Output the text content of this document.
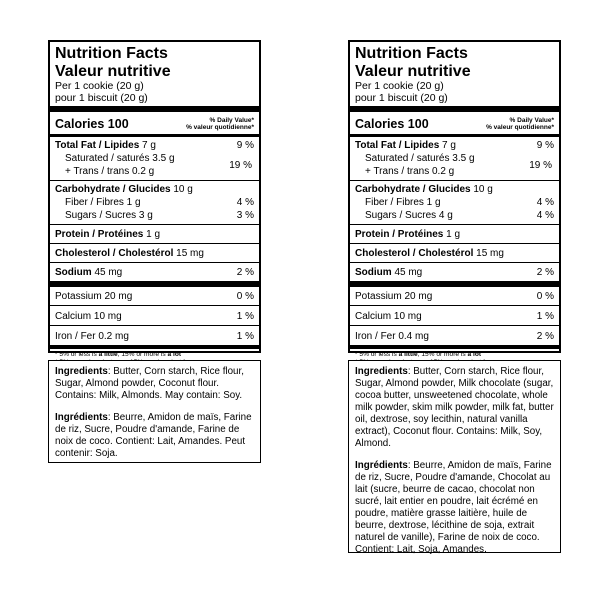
Nutrition Facts
Valeur nutritive
Per 1 cookie (20 g)
pour 1 biscuit (20 g)
Calories 100	% Daily Value*
% valeur quotidienne*
Total Fat / Lipides 7 g	9 %
Saturated / saturés 3.5 g
+ Trans / trans 0.2 g
19 %
Carbohydrate / Glucides 10 g
Fiber / Fibres 1 g	4 %
Sugars / Sucres 3 g	3 %
Protein / Protéines 1 g
Cholesterol / Cholestérol 15 mg
Sodium 45 mg	2 %
Potassium 20 mg	0 %
Calcium 10 mg	1 %
Iron / Fer 0.2 mg	1 %
* 5% or less is a little, 15% or more is a lot
Nutrition Facts
Valeur nutritive
Per 1 cookie (20 g)
pour 1 biscuit (20 g)
Calories 100	% Daily Value*
% valeur quotidienne*
Total Fat / Lipides 7 g	9 %
Saturated / saturés 3.5 g
+ Trans / trans 0.2 g
19 %
Carbohydrate / Glucides 10 g
Fiber / Fibres 1 g	4 %
Sugars / Sucres 4 g	4 %
Protein / Protéines 1 g
Cholesterol / Cholestérol 15 mg
Sodium 45 mg	2 %
Potassium 20 mg	0 %
Calcium 10 mg	1 %
Iron / Fer 0.4 mg	2 %
* 5% or less is a little, 15% or more is a lot

Ingredients: Butter, Corn starch, Rice flour, Sugar, Almond powder, Coconut flour. Contains: Milk, Almonds. May contain: Soy.

Ingrédients: Beurre, Amidon de maïs, Farine de riz, Sucre, Poudre d'amande, Farine de noix de coco. Contient: Lait, Amandes. Peut contenir: Soja.

Ingredients: Butter, Corn starch, Rice flour, Sugar, Almond powder, Milk chocolate (sugar, cocoa butter, unsweetened chocolate, whole milk powder, skim milk powder, milk fat, butter oil, dextrose, soy lecithin, natural vanilla extract), Coconut flour. Contains: Milk, Soy, Almond.

Ingrédients: Beurre, Amidon de maïs, Farine de riz, Sucre, Poudre d'amande, Chocolat au lait (sucre, beurre de cacao, chocolat non sucré, lait entier en poudre, lait écrémé en poudre, matière grasse laitière, huile de beurre, dextrose, lécithine de soja, extrait naturel de vanille), Farine de noix de coco. Contient: Lait, Soja, Amandes.
